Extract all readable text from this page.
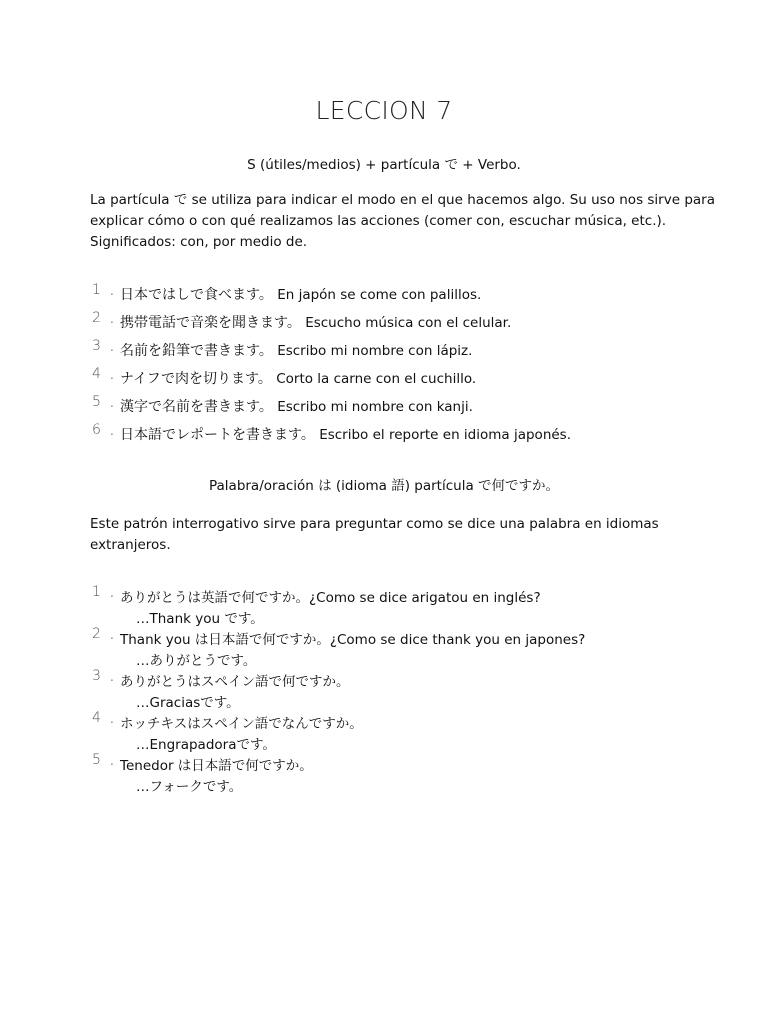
LECCION 7
S (útiles/medios) + partícula で + Verbo.
La partícula で se utiliza para indicar el modo en el que hacemos algo. Su uso nos sirve para
explicar cómo o con qué realizamos las acciones (comer con, escuchar música, etc.).
Significados: con, por medio de.
1 . 日本ではしで食べます。 En japón se come con palillos.
2 . 携帯電話で音楽を聞きます。 Escucho música con el celular.
3 . 名前を鉛筆で書きます。 Escribo mi nombre con lápiz.
4 . ナイフで肉を切ります。 Corto la carne con el cuchillo.
5 . 漢字で名前を書きます。 Escribo mi nombre con kanji.
6 . 日本語でレポートを書きます。 Escribo el reporte en idioma japonés.
Palabra/oración は (idioma 語) partícula で何ですか。
Este patrón interrogativo sirve para preguntar como se dice una palabra en idiomas
extranjeros.
1 . ありがとうは英語で何ですか。¿Como se dice arigatou en inglés?
…Thank you です。
2 . Thank you は日本語で何ですか。¿Como se dice thank you en japones?
…ありがとうです。
3 . ありがとうはスペイン語で何ですか。
…Graciasです。
4 . ホッチキスはスペイン語でなんですか。
…Engrapadoraです。
5 . Tenedor は日本語で何ですか。
…フォークです。
